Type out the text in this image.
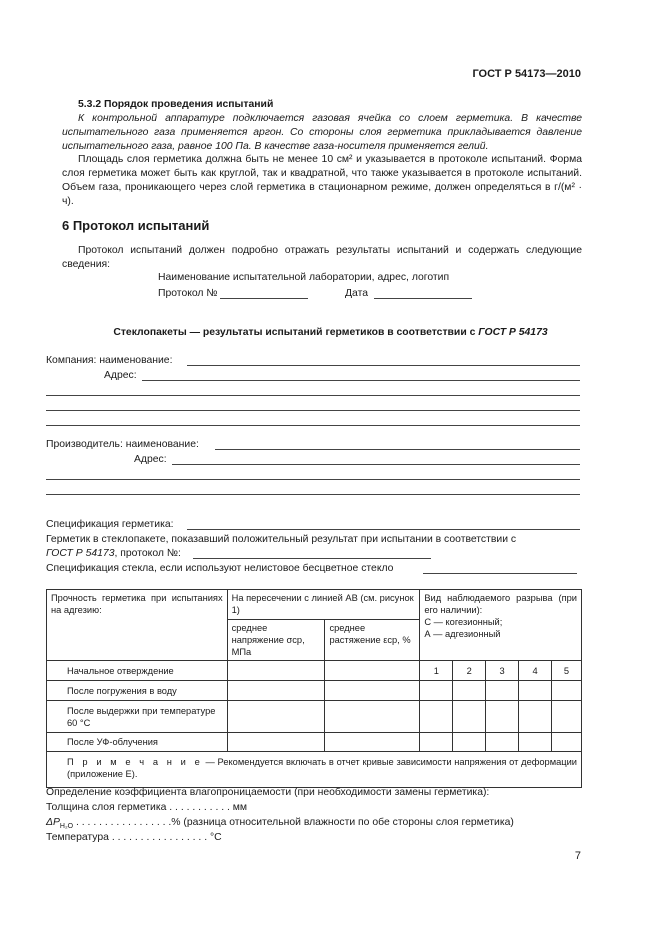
ГОСТ Р 54173—2010
5.3.2 Порядок проведения испытаний
К контрольной аппаратуре подключается газовая ячейка со слоем герметика. В качестве испытательного газа применяется аргон. Со стороны слоя герметика прикладывается давление испытательного газа, равное 100 Па. В качестве газа-носителя применяется гелий.
Площадь слоя герметика должна быть не менее 10 см² и указывается в протоколе испытаний. Форма слоя герметика может быть как круглой, так и квадратной, что также указывается в протоколе испытаний. Объем газа, проникающего через слой герметика в стационарном режиме, должен определяться в г/(м² · ч).
6 Протокол испытаний
Протокол испытаний должен подробно отражать результаты испытаний и содержать следующие сведения:
Наименование испытательной лаборатории, адрес, логотип
Протокол №	Дата
Стеклопакеты — результаты испытаний герметиков в соответствии с ГОСТ Р 54173
Компания: наименование:
Адрес:
Производитель: наименование:
Адрес:
Спецификация герметика:
Герметик в стеклопакете, показавший положительный результат при испытании в соответствии с
ГОСТ Р 54173, протокол №:
Спецификация стекла, если используют нелистовое бесцветное стекло
Прочность герметика при испытаниях на адгезию:	На пересечении с линией АВ (см. рисунок 1)		Вид наблюдаемого разрыва (при его наличии):
С — когезионный;
А — адгезионный				

	среднее напряжение σср, МПа	среднее растяжение εср, %					
Начальное отверждение			1	2	3	4	5
После погружения в воду							
После выдержки при температуре 60 °С							
После УФ-облучения							
П р и м е ч а н и е — Рекомендуется включать в отчет кривые зависимости напряжения от деформации (приложение Е).							
Определение коэффициента влагопроницаемости (при необходимости замены герметика):
Толщина слоя герметика . . . . . . . . . . . мм
$\Delta P_{H_2O}$ . . . . . . . . . . . . . . . . .% (разница относительной влажности по обе стороны слоя герметика)
Температура . . . . . . . . . . . . . . . . . °С
7
